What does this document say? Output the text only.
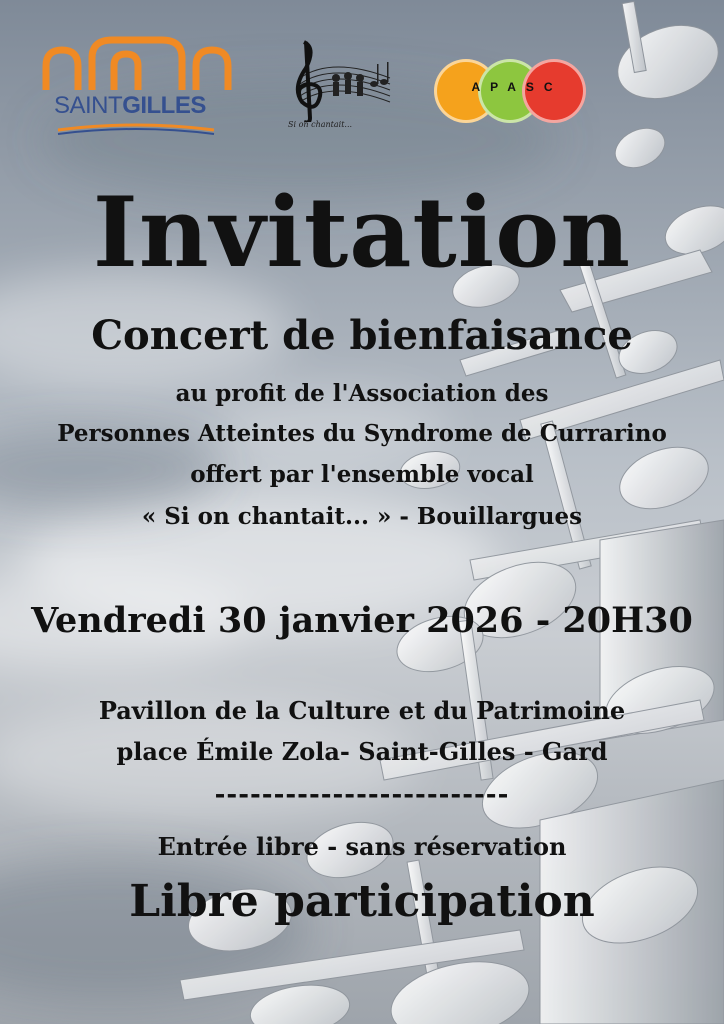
SAINTGILLES
Si on chantait...
APASC
Invitation
Concert de bienfaisance
au profit de l'Association des
Personnes Atteintes du Syndrome de Currarino
offert par l'ensemble vocal
« Si on chantait... » - Bouillargues
Vendredi 30 janvier 2026 - 20H30
Pavillon de la Culture et du Patrimoine
place Émile Zola- Saint-Gilles - Gard
-------------------------
Entrée libre - sans réservation
Libre participation
